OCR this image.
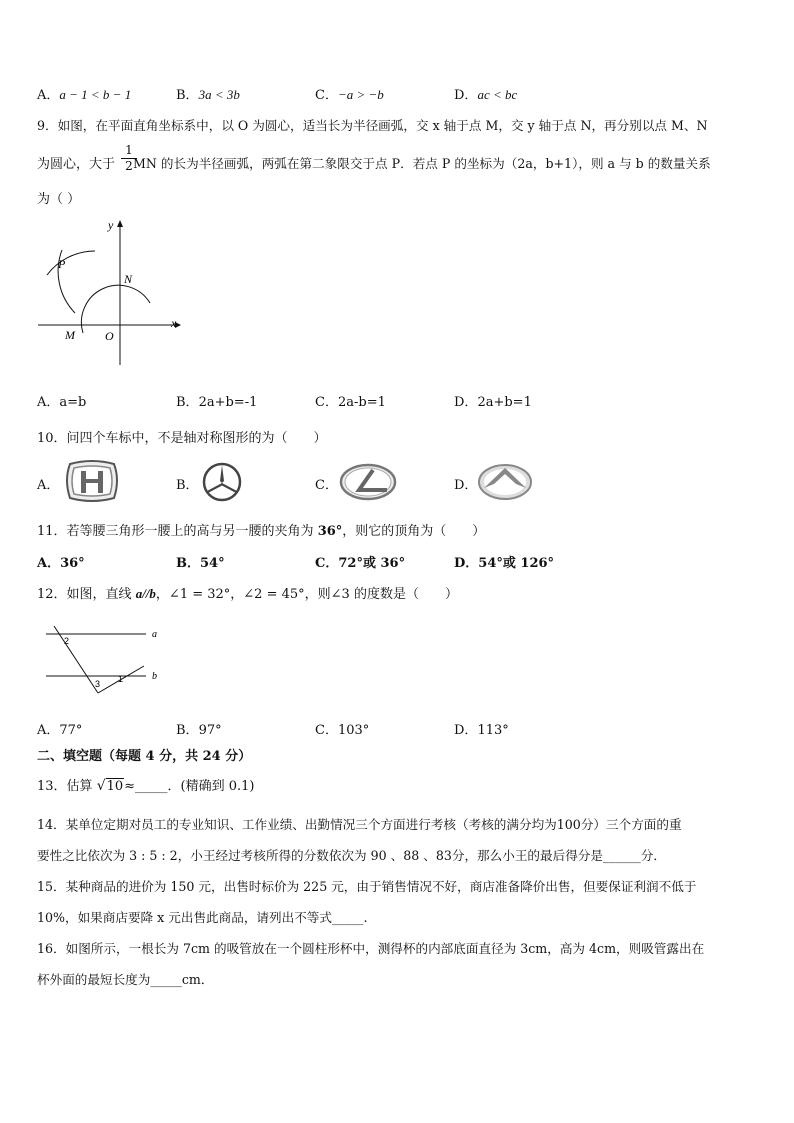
A．a − 1 < b − 1	B．3a < 3b	C．−a > −b	D．ac < bc
9．如图，在平面直角坐标系中，以 O 为圆心，适当长为半径画弧，交 x 轴于点 M，交 y 轴于点 N，再分别以点 M、N
为圆心，大于 MN 的长为半径画弧，两弧在第二象限交于点 P．若点 P 的坐标为（2a，b+1），则 a 与 b 的数量关系
$\frac{1}{2}$
为（ ）
P
y
N
x
M	O
A．a=b	B．2a+b=-1	C．2a-b=1	D．2a+b=1
10．问四个车标中，不是轴对称图形的为（　　）
A．	B．	C．	D．
11．若等腰三角形一腰上的高与另一腰的夹角为 36°，则它的顶角为（　　）
A．36°	B．54°	C．72°或 36°	D．54°或 126°
12．如图，直线 a//b，∠1 = 32°，∠2 = 45°，则∠3 的度数是（　　）
a
b
2
3 1
A．77°	B．97°	C．103°	D．113°
二、填空题（每题 4 分，共 24 分）
13．估算 √10≈_____．(精确到 0.1)
14．某单位定期对员工的专业知识、工作业绩、出勤情况三个方面进行考核（考核的满分均为100分）三个方面的重
要性之比依次为 3 : 5 : 2，小王经过考核所得的分数依次为 90 、88 、83分，那么小王的最后得分是______分．
15．某种商品的进价为 150 元，出售时标价为 225 元，由于销售情况不好，商店准备降价出售，但要保证利润不低于
10%，如果商店要降 x 元出售此商品，请列出不等式_____.
16．如图所示，一根长为 7cm 的吸管放在一个圆柱形杯中，测得杯的内部底面直径为 3cm，高为 4cm，则吸管露出在
杯外面的最短长度为_____cm．
